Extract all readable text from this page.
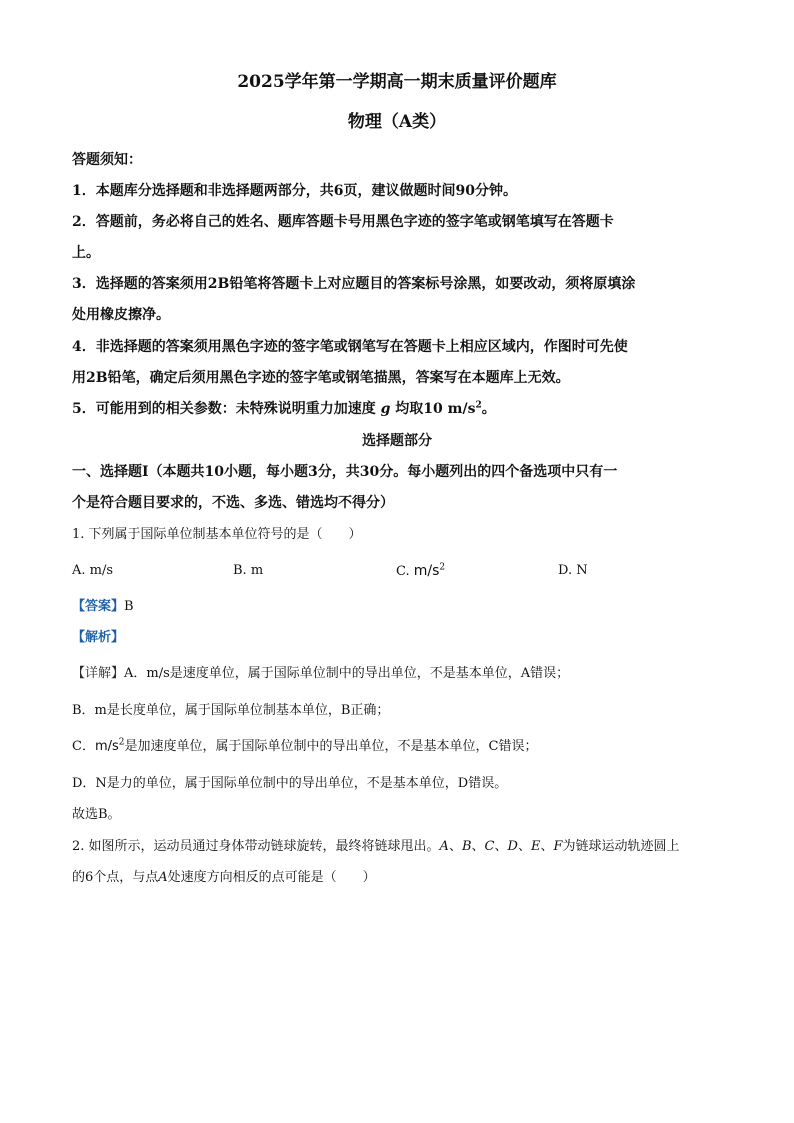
2025学年第一学期高一期末质量评价题库
物理（A类）
答题须知：
1．本题库分选择题和非选择题两部分，共6页，建议做题时间90分钟。
2．答题前，务必将自己的姓名、题库答题卡号用黑色字迹的签字笔或钢笔填写在答题卡
上。
3．选择题的答案须用2B铅笔将答题卡上对应题目的答案标号涂黑，如要改动，须将原填涂
处用橡皮擦净。
4．非选择题的答案须用黑色字迹的签字笔或钢笔写在答题卡上相应区域内，作图时可先使
用2B铅笔，确定后须用黑色字迹的签字笔或钢笔描黑，答案写在本题库上无效。
5．可能用到的相关参数：未特殊说明重力加速度 g 均取10 $m/s^2$。
选择题部分
一、选择题Ⅰ（本题共10小题，每小题3分，共30分。每小题列出的四个备选项中只有一
个是符合题目要求的，不选、多选、错选均不得分）
1. 下列属于国际单位制基本单位符号的是（　　）
A. m/s	B. m	C. $m/s^2$	D. N
【答案】B
【解析】
【详解】A．m/s是速度单位，属于国际单位制中的导出单位，不是基本单位，A错误；
B．m是长度单位，属于国际单位制基本单位，B正确；
C．$m/s^2$是加速度单位，属于国际单位制中的导出单位，不是基本单位，C错误；
D．N是力的单位，属于国际单位制中的导出单位，不是基本单位，D错误。
故选B。
2. 如图所示，运动员通过身体带动链球旋转，最终将链球甩出。A、B、C、D、E、F为链球运动轨迹圆上
的6个点，与点A处速度方向相反的点可能是（　　）
